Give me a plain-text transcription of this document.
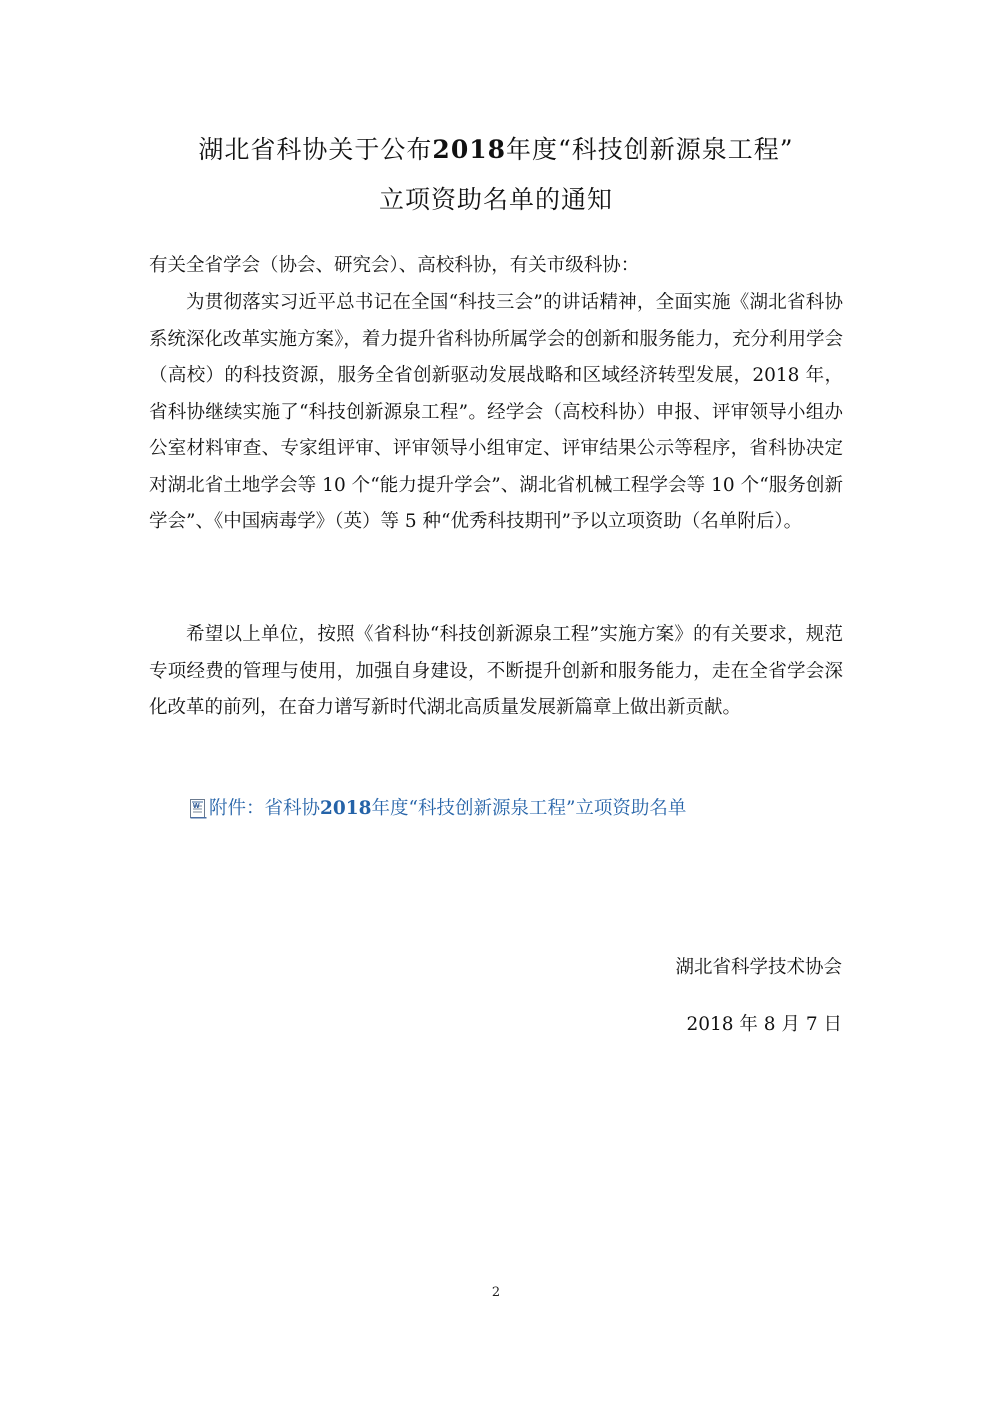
湖北省科协关于公布2018年度“科技创新源泉工程”
立项资助名单的通知
有关全省学会（协会、研究会）、高校科协，有关市级科协：
为贯彻落实习近平总书记在全国“科技三会”的讲话精神，全面实施《湖北省科协系统深化改革实施方案》，着力提升省科协所属学会的创新和服务能力，充分利用学会（高校）的科技资源，服务全省创新驱动发展战略和区域经济转型发展，2018 年，省科协继续实施了“科技创新源泉工程”。经学会（高校科协）申报、评审领导小组办公室材料审查、专家组评审、评审领导小组审定、评审结果公示等程序，省科协决定对湖北省土地学会等 10 个“能力提升学会”、湖北省机械工程学会等 10 个“服务创新学会”、《中国病毒学》（英）等 5 种“优秀科技期刊”予以立项资助（名单附后）。
希望以上单位，按照《省科协“科技创新源泉工程”实施方案》的有关要求，规范专项经费的管理与使用，加强自身建设，不断提升创新和服务能力，走在全省学会深化改革的前列，在奋力谱写新时代湖北高质量发展新篇章上做出新贡献。
W 附件：省科协 2018 年度“科技创新源泉工程”立项资助名单
湖北省科学技术协会
2018 年 8 月 7 日
2
